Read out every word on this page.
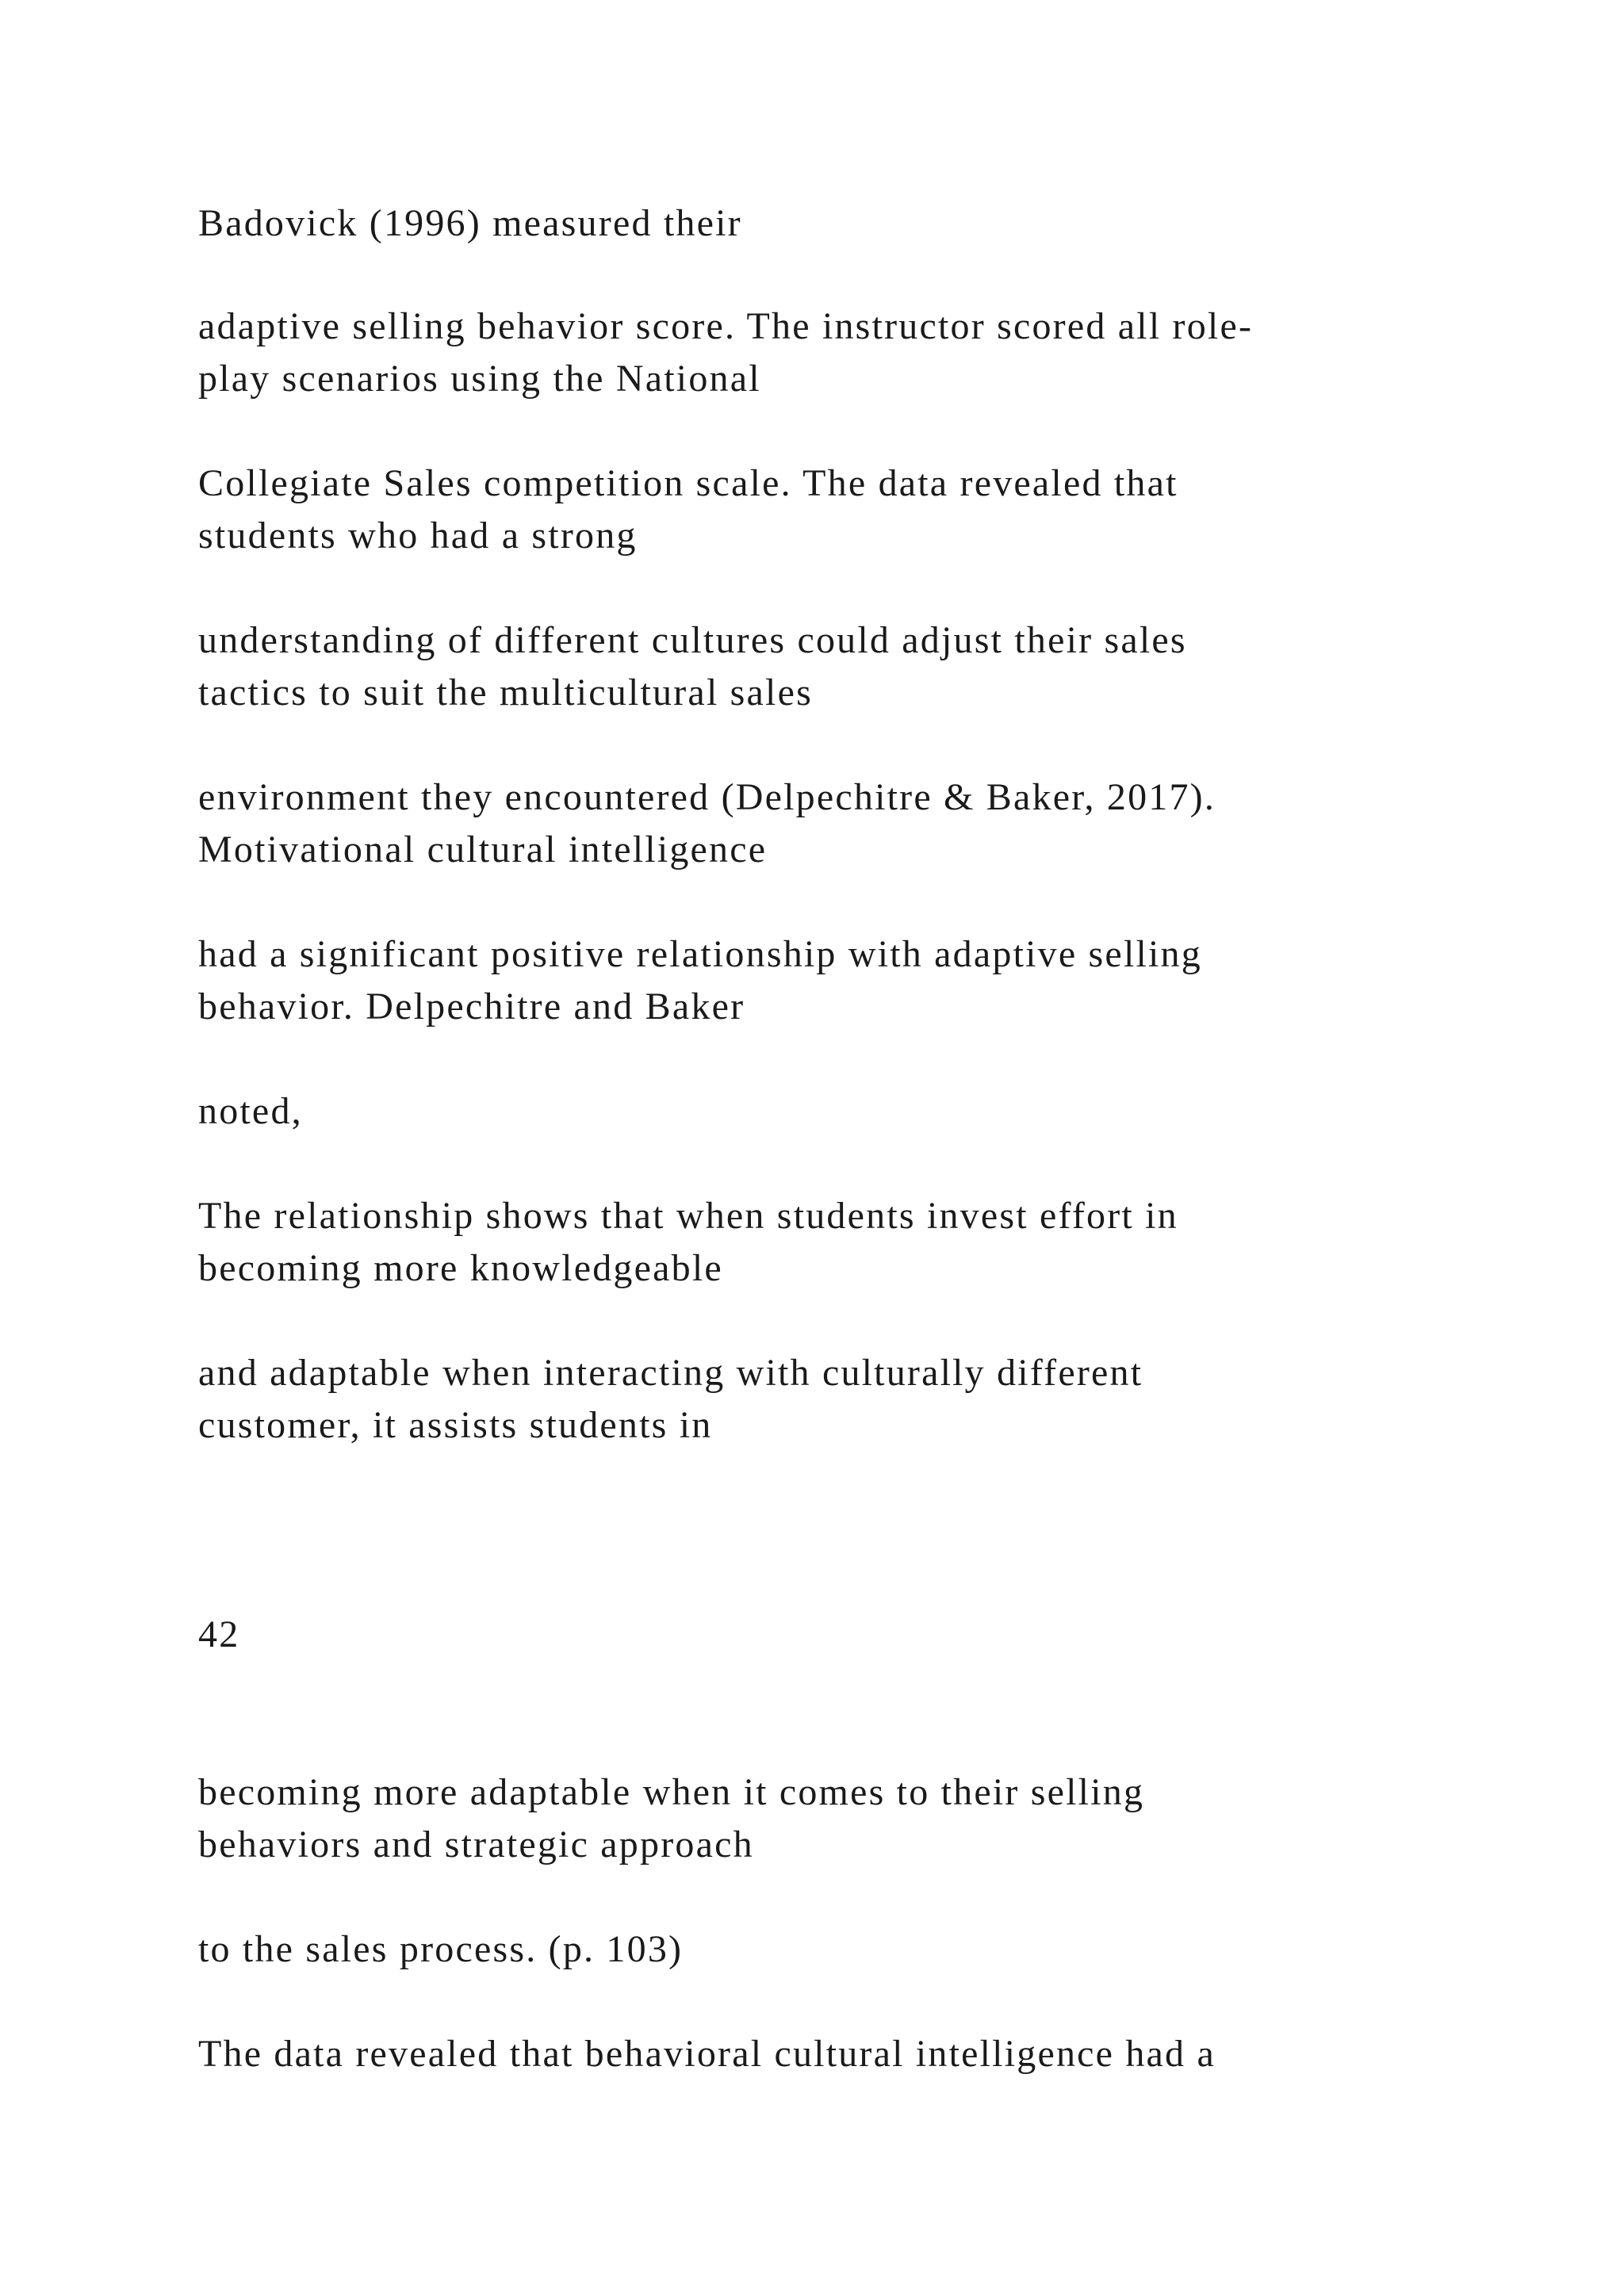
Badovick (1996) measured their

adaptive selling behavior score. The instructor scored all role-

play scenarios using the National

Collegiate Sales competition scale. The data revealed that

students who had a strong

understanding of different cultures could adjust their sales

tactics to suit the multicultural sales

environment they encountered (Delpechitre & Baker, 2017).

Motivational cultural intelligence

had a significant positive relationship with adaptive selling

behavior. Delpechitre and Baker

noted,

The relationship shows that when students invest effort in

becoming more knowledgeable

and adaptable when interacting with culturally different

customer, it assists students in

42

becoming more adaptable when it comes to their selling

behaviors and strategic approach

to the sales process. (p. 103)

The data revealed that behavioral cultural intelligence had a
